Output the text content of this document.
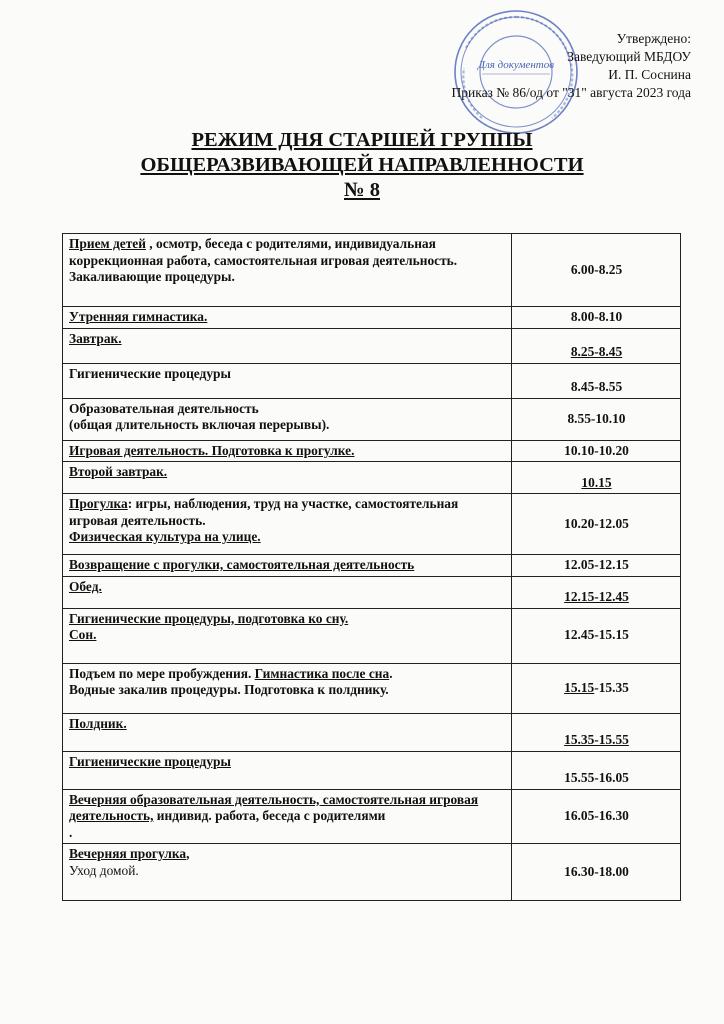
Для документов
Утверждено:
Заведующий МБДОУ
И. П. Соснина
Приказ № 86/од от "31" августа 2023 года
РЕЖИМ ДНЯ СТАРШЕЙ ГРУППЫ
ОБЩЕРАЗВИВАЮЩЕЙ НАПРАВЛЕННОСТИ
№ 8
Прием детей , осмотр, беседа с родителями, индивидуальная коррекционная работа, самостоятельная игровая деятельность. Закаливающие процедуры.	6.00-8.25
Утренняя гимнастика.	8.00-8.10
Завтрак.	8.25-8.45
Гигиенические процедуры	8.45-8.55
Образовательная деятельность
(общая длительность включая перерывы).	8.55-10.10
Игровая деятельность. Подготовка к прогулке.	10.10-10.20
Второй завтрак.	10.15
Прогулка: игры, наблюдения, труд на участке, самостоятельная игровая деятельность.
Физическая культура на улице.	10.20-12.05
Возвращение с прогулки, самостоятельная деятельность	12.05-12.15
Обед.	12.15-12.45
Гигиенические процедуры, подготовка ко сну.
Сон.	12.45-15.15
Подъем по мере пробуждения. Гимнастика после сна.
Водные закалив процедуры. Подготовка к полднику.	15.15-15.35
Полдник.	15.35-15.55
Гигиенические процедуры	15.55-16.05
Вечерняя образовательная деятельность, самостоятельная игровая деятельность, индивид. работа, беседа с родителями
.	16.05-16.30
Вечерняя прогулка,
Уход домой.	16.30-18.00
